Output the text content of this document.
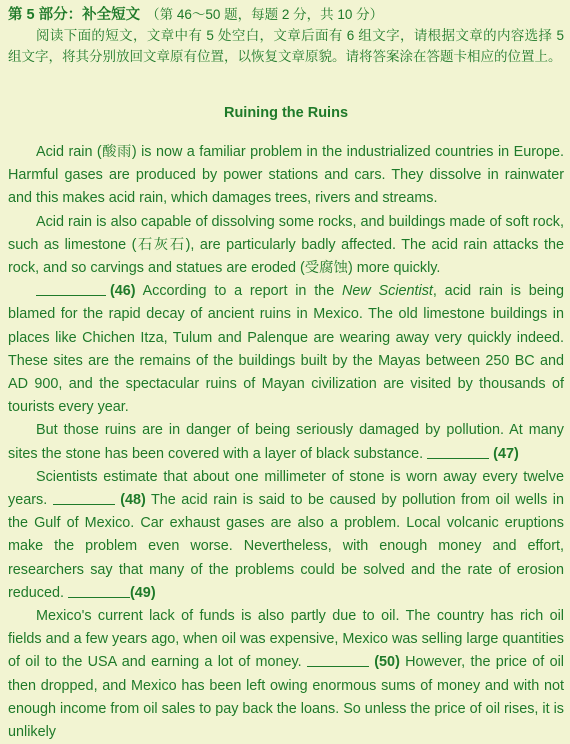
第 5 部分：补全短文 （第 46～50 题，每题 2 分，共 10 分）

阅读下面的短文，文章中有 5 处空白，文章后面有 6 组文字，请根据文章的内容选择 5 组文字，将其分别放回文章原有位置，以恢复文章原貌。请将答案涂在答题卡相应的位置上。

Ruining the Ruins

Acid rain (酸雨) is now a familiar problem in the industrialized countries in Europe. Harmful gases are produced by power stations and cars. They dissolve in rainwater and this makes acid rain, which damages trees, rivers and streams.

Acid rain is also capable of dissolving some rocks, and buildings made of soft rock, such as limestone (石灰石), are particularly badly affected. The acid rain attacks the rock, and so carvings and statues are eroded (受腐蚀) more quickly.

(46) According to a report in the New Scientist, acid rain is being blamed for the rapid decay of ancient ruins in Mexico. The old limestone buildings in places like Chichen Itza, Tulum and Palenque are wearing away very quickly indeed. These sites are the remains of the buildings built by the Mayas between 250 BC and AD 900, and the spectacular ruins of Mayan civilization are visited by thousands of tourists every year.

But those ruins are in danger of being seriously damaged by pollution. At many sites the stone has been covered with a layer of black substance.	(47)

Scientists estimate that about one millimeter of stone is worn away every twelve years.	(48) The acid rain is said to be caused by pollution from oil wells in the Gulf of Mexico. Car exhaust gases are also a problem. Local volcanic eruptions make the problem even worse. Nevertheless, with enough money and effort, researchers say that many of the problems could be solved and the rate of erosion reduced.	(49)

Mexico's current lack of funds is also partly due to oil. The country has rich oil fields and a few years ago, when oil was expensive, Mexico was selling large quantities of oil to the USA and earning a lot of money.	(50) However, the price of oil then dropped, and Mexico has been left owing enormous sums of money and with not enough income from oil sales to pay back the loans. So unless the price of oil rises, it is unlikely
